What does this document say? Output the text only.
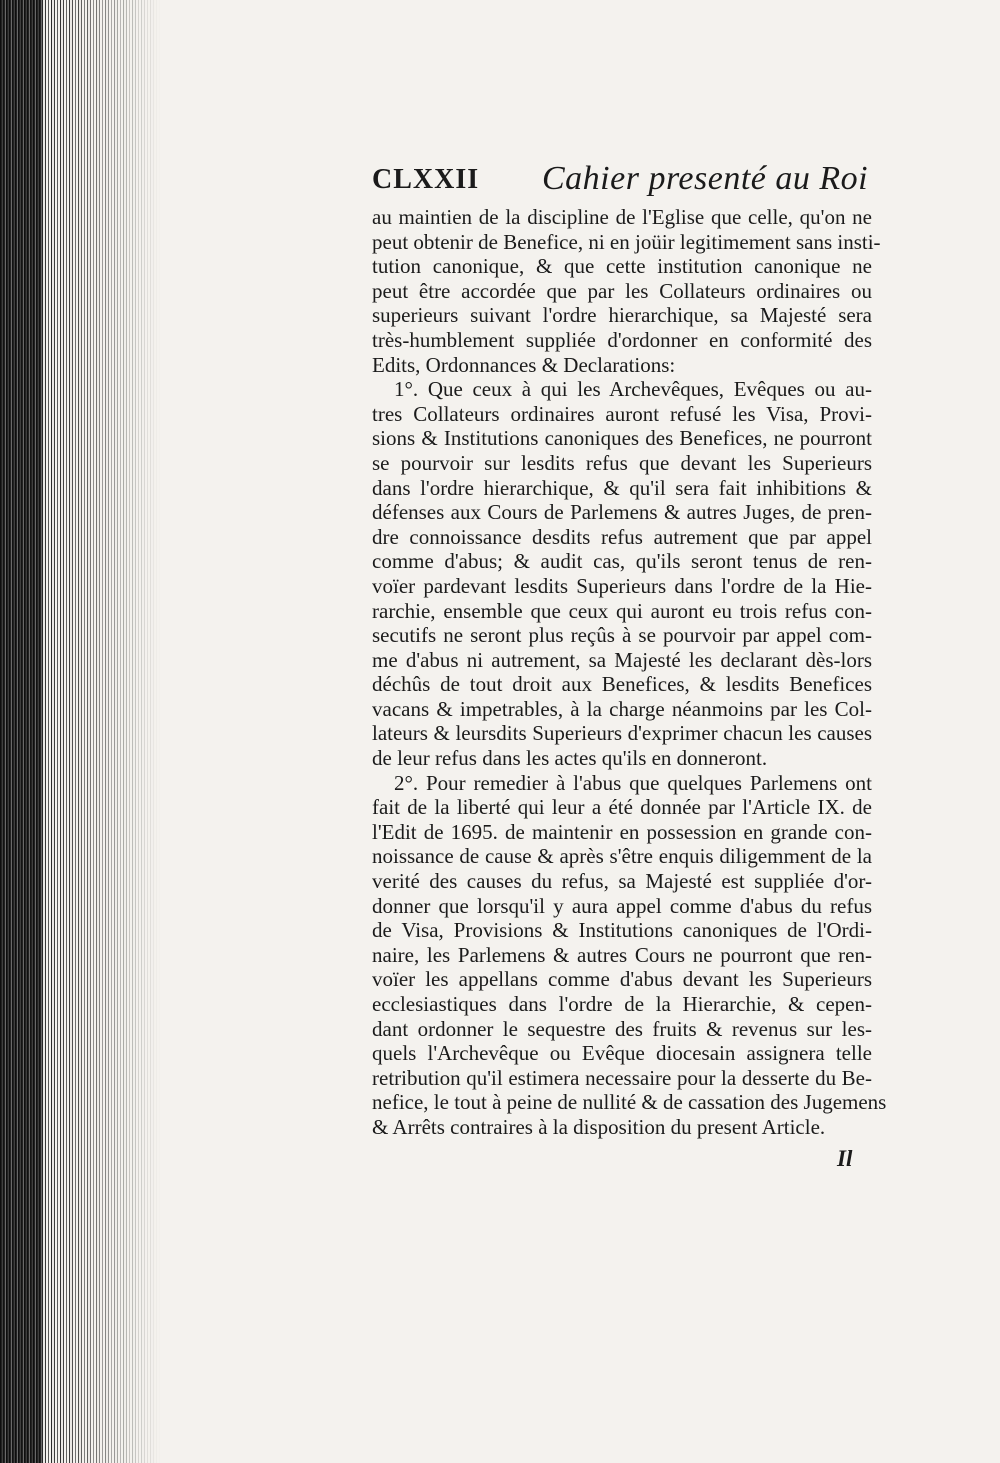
CLXXII Cahier presenté au Roi
au maintien de la discipline de l'Eglise que celle, qu'on ne
peut obtenir de Benefice, ni en joüir legitimement sans insti-
tution canonique, & que cette institution canonique ne
peut être accordée que par les Collateurs ordinaires ou
superieurs suivant l'ordre hierarchique, sa Majesté sera
très-humblement suppliée d'ordonner en conformité des
Edits, Ordonnances & Declarations:
1°. Que ceux à qui les Archevêques, Evêques ou au-
tres Collateurs ordinaires auront refusé les Visa, Provi-
sions & Institutions canoniques des Benefices, ne pourront
se pourvoir sur lesdits refus que devant les Superieurs
dans l'ordre hierarchique, & qu'il sera fait inhibitions &
défenses aux Cours de Parlemens & autres Juges, de pren-
dre connoissance desdits refus autrement que par appel
comme d'abus; & audit cas, qu'ils seront tenus de ren-
voïer pardevant lesdits Superieurs dans l'ordre de la Hie-
rarchie, ensemble que ceux qui auront eu trois refus con-
secutifs ne seront plus reçûs à se pourvoir par appel com-
me d'abus ni autrement, sa Majesté les declarant dès-lors
déchûs de tout droit aux Benefices, & lesdits Benefices
vacans & impetrables, à la charge néanmoins par les Col-
lateurs & leursdits Superieurs d'exprimer chacun les causes
de leur refus dans les actes qu'ils en donneront.
2°. Pour remedier à l'abus que quelques Parlemens ont
fait de la liberté qui leur a été donnée par l'Article IX. de
l'Edit de 1695. de maintenir en possession en grande con-
noissance de cause & après s'être enquis diligemment de la
verité des causes du refus, sa Majesté est suppliée d'or-
donner que lorsqu'il y aura appel comme d'abus du refus
de Visa, Provisions & Institutions canoniques de l'Ordi-
naire, les Parlemens & autres Cours ne pourront que ren-
voïer les appellans comme d'abus devant les Superieurs
ecclesiastiques dans l'ordre de la Hierarchie, & cepen-
dant ordonner le sequestre des fruits & revenus sur les-
quels l'Archevêque ou Evêque diocesain assignera telle
retribution qu'il estimera necessaire pour la desserte du Be-
nefice, le tout à peine de nullité & de cassation des Jugemens
& Arrêts contraires à la disposition du present Article.
Il
